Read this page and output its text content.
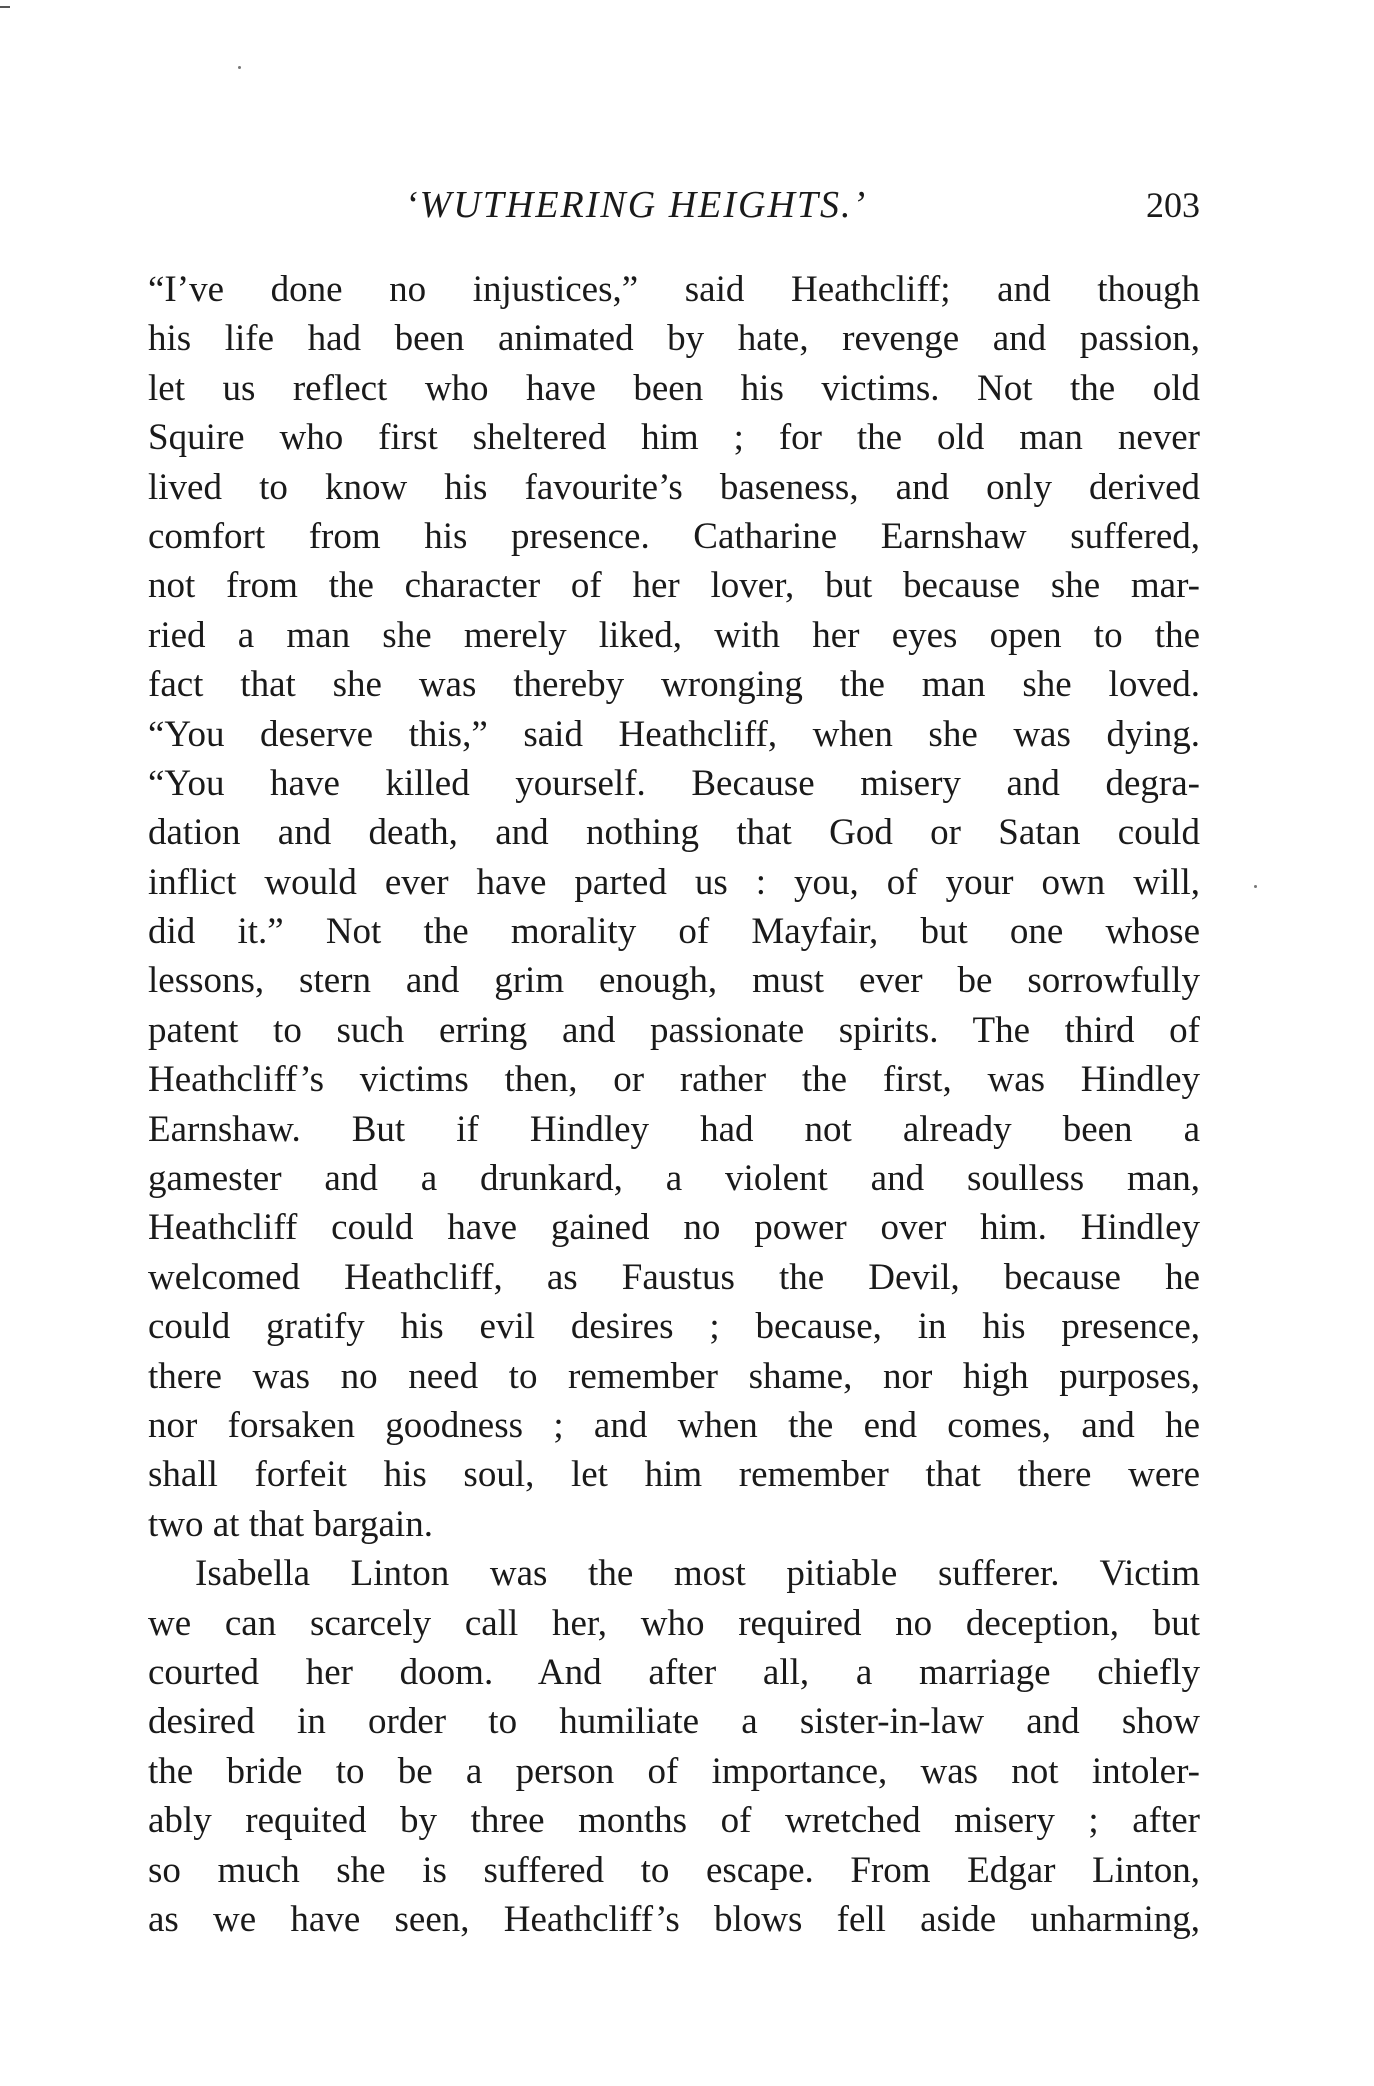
‘WUTHERING HEIGHTS.’	203
“I’ve done no injustices,” said Heathcliff; and though
his life had been animated by hate, revenge and passion,
let us reflect who have been his victims. Not the old
Squire who first sheltered him ; for the old man never
lived to know his favourite’s baseness, and only derived
comfort from his presence. Catharine Earnshaw suffered,
not from the character of her lover, but because she mar-
ried a man she merely liked, with her eyes open to the
fact that she was thereby wronging the man she loved.
“You deserve this,” said Heathcliff, when she was dying.
“You have killed yourself. Because misery and degra-
dation and death, and nothing that God or Satan could
inflict would ever have parted us : you, of your own will,
did it.” Not the morality of Mayfair, but one whose
lessons, stern and grim enough, must ever be sorrowfully
patent to such erring and passionate spirits. The third of
Heathcliff’s victims then, or rather the first, was Hindley
Earnshaw. But if Hindley had not already been a
gamester and a drunkard, a violent and soulless man,
Heathcliff could have gained no power over him. Hindley
welcomed Heathcliff, as Faustus the Devil, because he
could gratify his evil desires ; because, in his presence,
there was no need to remember shame, nor high purposes,
nor forsaken goodness ; and when the end comes, and he
shall forfeit his soul, let him remember that there were
two at that bargain.
Isabella Linton was the most pitiable sufferer. Victim
we can scarcely call her, who required no deception, but
courted her doom. And after all, a marriage chiefly
desired in order to humiliate a sister-in-law and show
the bride to be a person of importance, was not intoler-
ably requited by three months of wretched misery ; after
so much she is suffered to escape. From Edgar Linton,
as we have seen, Heathcliff’s blows fell aside unharming,
